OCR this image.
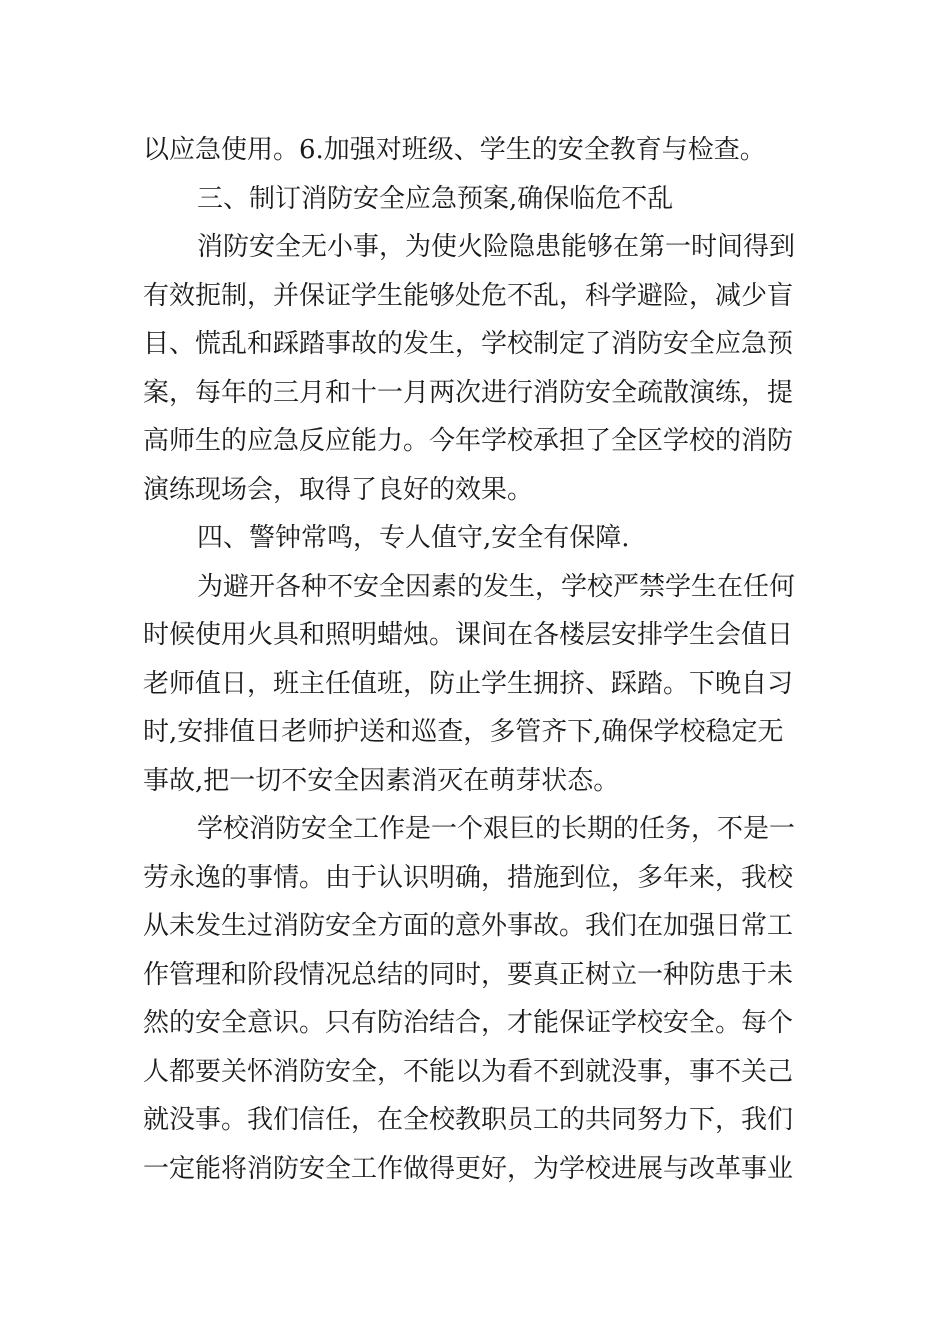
以应急使用。6.加强对班级、学生的安全教育与检查。
三、制订消防安全应急预案,确保临危不乱
消防安全无小事，为使火险隐患能够在第一时间得到
有效扼制，并保证学生能够处危不乱，科学避险，减少盲
目、慌乱和踩踏事故的发生，学校制定了消防安全应急预
案，每年的三月和十一月两次进行消防安全疏散演练，提
高师生的应急反应能力。今年学校承担了全区学校的消防
演练现场会，取得了良好的效果。
四、警钟常鸣，专人值守,安全有保障.
为避开各种不安全因素的发生，学校严禁学生在任何
时候使用火具和照明蜡烛。课间在各楼层安排学生会值日
老师值日，班主任值班，防止学生拥挤、踩踏。下晚自习
时,安排值日老师护送和巡查，多管齐下,确保学校稳定无
事故,把一切不安全因素消灭在萌芽状态。
学校消防安全工作是一个艰巨的长期的任务，不是一
劳永逸的事情。由于认识明确，措施到位，多年来，我校
从未发生过消防安全方面的意外事故。我们在加强日常工
作管理和阶段情况总结的同时，要真正树立一种防患于未
然的安全意识。只有防治结合，才能保证学校安全。每个
人都要关怀消防安全，不能以为看不到就没事，事不关己
就没事。我们信任，在全校教职员工的共同努力下，我们
一定能将消防安全工作做得更好，为学校进展与改革事业
